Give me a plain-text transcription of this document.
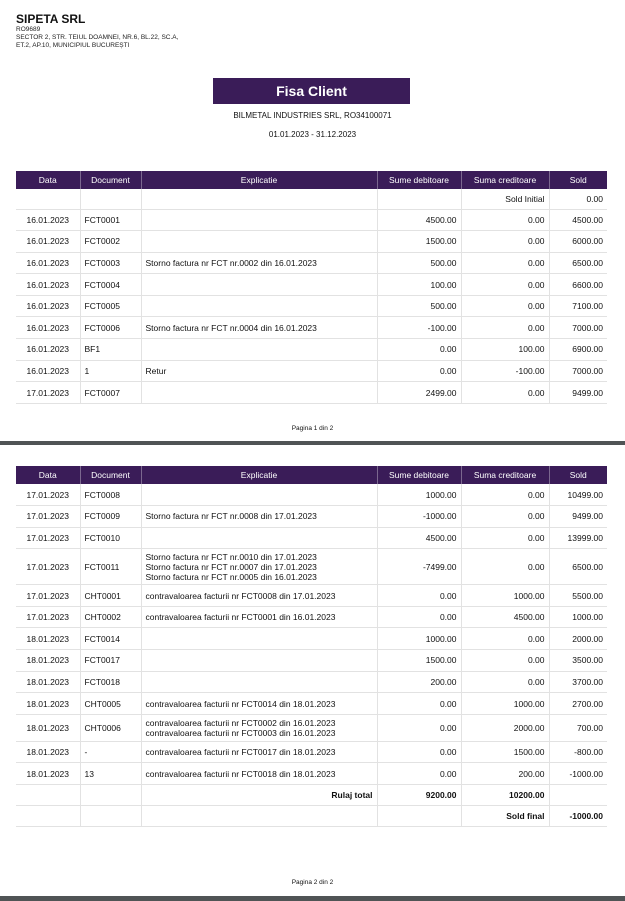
SIPETA SRL
RO9689
SECTOR 2, STR. TEIUL DOAMNEI, NR.6, BL.22, SC.A,
ET.2, AP.10, MUNICIPIUL BUCUREȘTI
Fisa Client
BILMETAL INDUSTRIES SRL, RO34100071
01.01.2023 - 31.12.2023
Data	Document	Explicatie	Sume debitoare	Suma creditoare	Sold
				Sold Initial	0.00
16.01.2023	FCT0001		4500.00	0.00	4500.00
16.01.2023	FCT0002		1500.00	0.00	6000.00
16.01.2023	FCT0003	Storno factura nr FCT nr.0002 din 16.01.2023	500.00	0.00	6500.00
16.01.2023	FCT0004		100.00	0.00	6600.00
16.01.2023	FCT0005		500.00	0.00	7100.00
16.01.2023	FCT0006	Storno factura nr FCT nr.0004 din 16.01.2023	-100.00	0.00	7000.00
16.01.2023	BF1		0.00	100.00	6900.00
16.01.2023	1	Retur	0.00	-100.00	7000.00
17.01.2023	FCT0007		2499.00	0.00	9499.00
Pagina 1 din 2
Data	Document	Explicatie	Sume debitoare	Suma creditoare	Sold
17.01.2023	FCT0008		1000.00	0.00	10499.00
17.01.2023	FCT0009	Storno factura nr FCT nr.0008 din 17.01.2023	-1000.00	0.00	9499.00
17.01.2023	FCT0010		4500.00	0.00	13999.00
17.01.2023	FCT0011	Storno factura nr FCT nr.0010 din 17.01.2023
Storno factura nr FCT nr.0007 din 17.01.2023
Storno factura nr FCT nr.0005 din 16.01.2023	-7499.00	0.00	6500.00
17.01.2023	CHT0001	contravaloarea facturii nr FCT0008 din 17.01.2023	0.00	1000.00	5500.00
17.01.2023	CHT0002	contravaloarea facturii nr FCT0001 din 16.01.2023	0.00	4500.00	1000.00
18.01.2023	FCT0014		1000.00	0.00	2000.00
18.01.2023	FCT0017		1500.00	0.00	3500.00
18.01.2023	FCT0018		200.00	0.00	3700.00
18.01.2023	CHT0005	contravaloarea facturii nr FCT0014 din 18.01.2023	0.00	1000.00	2700.00
18.01.2023	CHT0006	contravaloarea facturii nr FCT0002 din 16.01.2023
contravaloarea facturii nr FCT0003 din 16.01.2023	0.00	2000.00	700.00
18.01.2023	-	contravaloarea facturii nr FCT0017 din 18.01.2023	0.00	1500.00	-800.00
18.01.2023	13	contravaloarea facturii nr FCT0018 din 18.01.2023	0.00	200.00	-1000.00
		Rulaj total	9200.00	10200.00	
				Sold final	-1000.00
Pagina 2 din 2
